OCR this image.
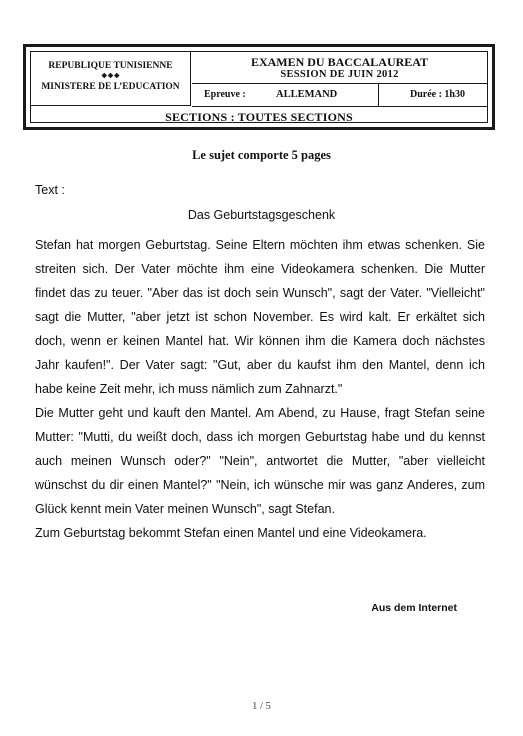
REPUBLIQUE TUNISIENNE
❖❖❖
MINISTERE DE L’EDUCATION
EXAMEN DU BACCALAUREAT
SESSION DE JUIN 2012
Epreuve :	ALLEMAND	Durée : 1h30
SECTIONS : TOUTES SECTIONS
Le sujet comporte 5 pages
Text :
Das Geburtstagsgeschenk
Stefan hat morgen Geburtstag. Seine Eltern möchten ihm etwas schenken. Sie
streiten sich. Der Vater möchte ihm eine Videokamera schenken. Die Mutter
findet das zu teuer. "Aber das ist doch sein Wunsch", sagt der Vater. "Vielleicht"
sagt die Mutter, "aber jetzt ist schon November. Es wird kalt. Er erkältet sich
doch, wenn er keinen Mantel hat. Wir können ihm die Kamera doch nächstes
Jahr kaufen!". Der Vater sagt: "Gut, aber du kaufst ihm den Mantel, denn ich
habe keine Zeit mehr, ich muss nämlich zum Zahnarzt."
Die Mutter geht und kauft den Mantel. Am Abend, zu Hause, fragt Stefan seine
Mutter: "Mutti, du weißt doch, dass ich morgen Geburtstag habe und du kennst
auch meinen Wunsch oder?" "Nein", antwortet die Mutter, "aber vielleicht
wünschst du dir einen Mantel?" "Nein, ich wünsche mir was ganz Anderes, zum
Glück kennt mein Vater meinen Wunsch", sagt Stefan.
Zum Geburtstag bekommt Stefan einen Mantel und eine Videokamera.
Aus dem Internet
1 / 5
